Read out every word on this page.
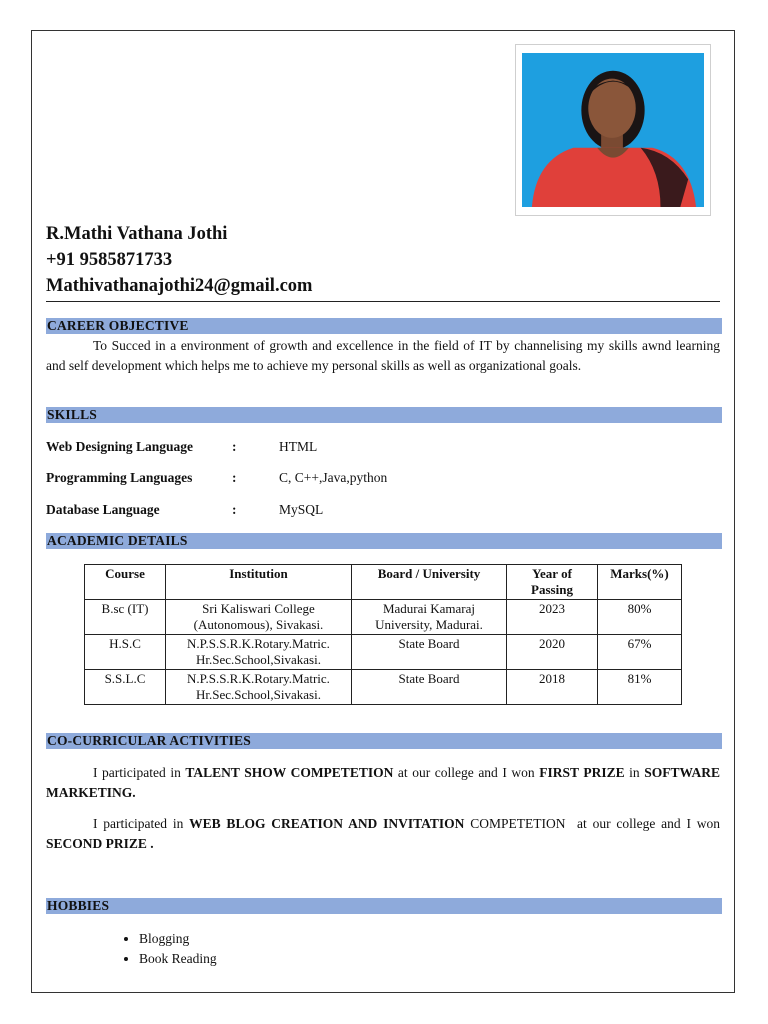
R.Mathi Vathana Jothi
+91 9585871733
Mathivathanajothi24@gmail.com
CAREER OBJECTIVE
To Succed in a environment of growth and excellence in the field of IT by channelising my skills awnd learning and self development which helps me to achieve my personal skills as well as organizational goals.
SKILLS
Web Designing Language	:	HTML
Programming Languages	:	C, C++,Java,python
Database Language	:	MySQL
ACADEMIC DETAILS
Course	Institution	Board / University	Year of Passing	Marks(%)
B.sc (IT)	Sri Kaliswari College (Autonomous), Sivakasi.	Madurai Kamaraj University, Madurai.	2023	80%
H.S.C	N.P.S.S.R.K.Rotary.Matric. Hr.Sec.School,Sivakasi.	State Board	2020	67%
S.S.L.C	N.P.S.S.R.K.Rotary.Matric. Hr.Sec.School,Sivakasi.	State Board	2018	81%
CO-CURRICULAR ACTIVITIES
I participated in TALENT SHOW COMPETETION at our college and I won FIRST PRIZE in SOFTWARE MARKETING.
I participated in WEB BLOG CREATION AND INVITATION COMPETETION  at our college and I won SECOND PRIZE .
HOBBIES
• Blogging
• Book Reading
